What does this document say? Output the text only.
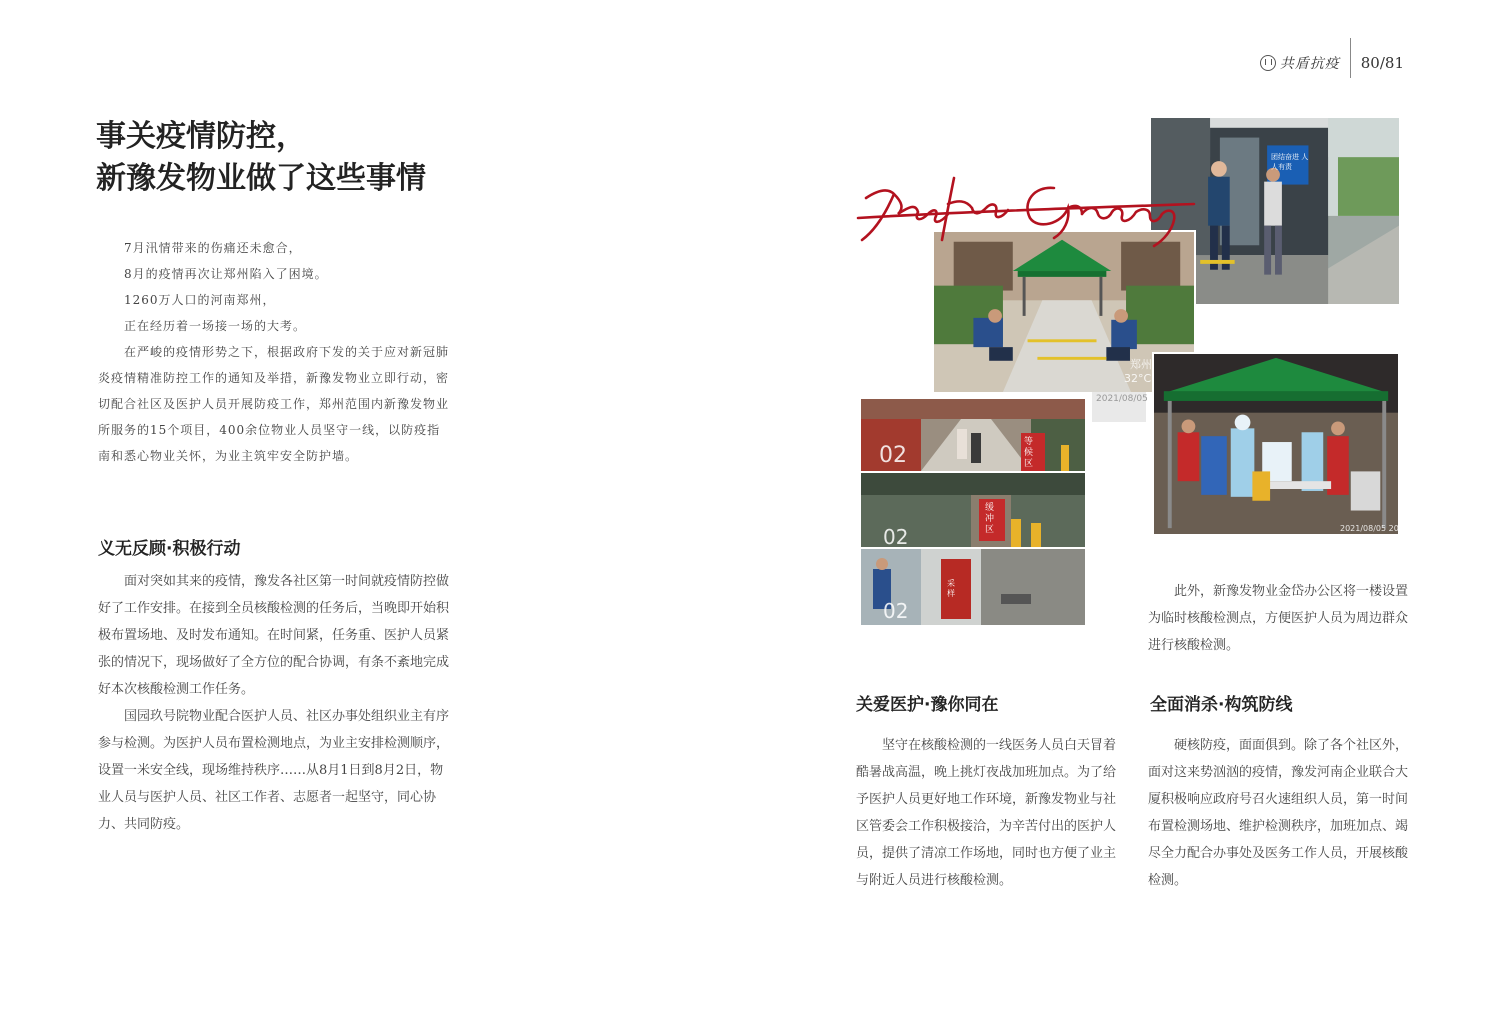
共盾抗疫 80/81
事关疫情防控，
新豫发物业做了这些事情

7月汛情带来的伤痛还未愈合，

8月的疫情再次让郑州陷入了困境。

1260万人口的河南郑州，

正在经历着一场接一场的大考。

在严峻的疫情形势之下，根据政府下发的关于应对新冠肺炎疫情精准防控工作的通知及举措，新豫发物业立即行动，密切配合社区及医护人员开展防疫工作，郑州范围内新豫发物业所服务的15个项目，400余位物业人员坚守一线，以防疫指南和悉心物业关怀，为业主筑牢安全防护墙。

义无反顾·积极行动

面对突如其来的疫情，豫发各社区第一时间就疫情防控做好了工作安排。在接到全员核酸检测的任务后，当晚即开始积极布置场地、及时发布通知。在时间紧，任务重、医护人员紧张的情况下，现场做好了全方位的配合协调，有条不紊地完成好本次核酸检测工作任务。

国园玖号院物业配合医护人员、社区办事处组织业主有序参与检测。为医护人员布置检测地点，为业主安排检测顺序，设置一米安全线，现场维持秩序……从8月1日到8月2日，物业人员与医护人员、社区工作者、志愿者一起坚守，同心协力、共同防疫。

团结奋进 人人有责
郑州
32°C
2021/08/05
02
等候区
02
缓冲区
02
采样
2021/08/05 20:13
Yufa Group

此外，新豫发物业金岱办公区将一楼设置为临时核酸检测点，方便医护人员为周边群众进行核酸检测。

关爱医护·豫你同在

坚守在核酸检测的一线医务人员白天冒着酷暑战高温，晚上挑灯夜战加班加点。为了给予医护人员更好地工作环境，新豫发物业与社区管委会工作积极接洽，为辛苦付出的医护人员，提供了清凉工作场地，同时也方便了业主与附近人员进行核酸检测。

全面消杀·构筑防线

硬核防疫，面面俱到。除了各个社区外，面对这来势汹汹的疫情，豫发河南企业联合大厦积极响应政府号召火速组织人员，第一时间布置检测场地、维护检测秩序，加班加点、竭尽全力配合办事处及医务工作人员，开展核酸检测。
